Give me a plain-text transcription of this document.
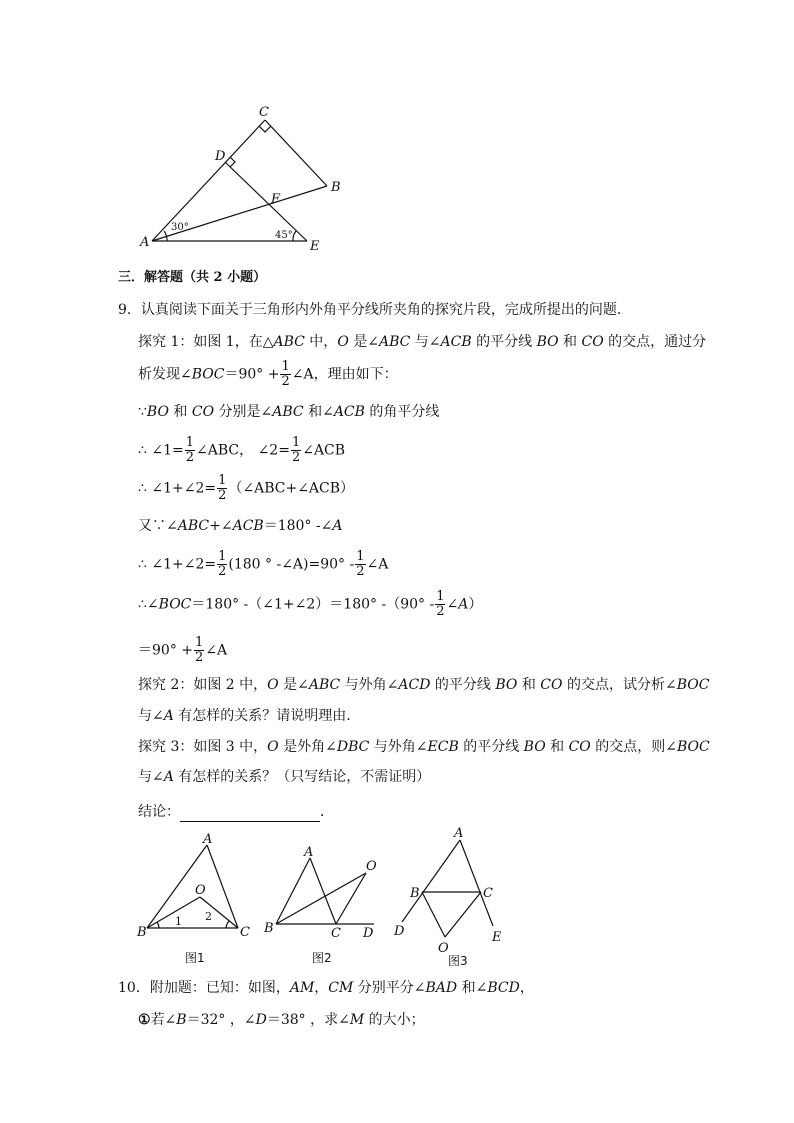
C
D
B
F
A	E
30°
45°
三．解答题（共 2 小题）
9．认真阅读下面关于三角形内外角平分线所夹角的探究片段，完成所提出的问题．
探究 1：如图 1，在△ABC 中，O 是∠ABC 与∠ACB 的平分线 BO 和 CO 的交点，通过分
析发现∠BOC＝90° + $\frac{1}{2}$ ∠A，理由如下：
∵BO 和 CO 分别是∠ABC 和∠ACB 的角平分线
∴ ∠1= $\frac{1}{2}$ ∠ABC， ∠2= $\frac{1}{2}$ ∠ACB
∴ ∠1+∠2= $\frac{1}{2}$ （∠ABC+∠ACB）
又∵∠ABC+∠ACB＝180° -∠A
∴ ∠1+∠2= $\frac{1}{2} (180$ ° -∠A)=90° - $\frac{1}{2}$ ∠A
∴∠BOC＝180° -（∠1+∠2）＝180° $-(90^\circ - \frac{1}{2}$ ∠A）
$=90^\circ + \frac{1}{2}$ ∠A
探究 2：如图 2 中，O 是∠ABC 与外角∠ACD 的平分线 BO 和 CO 的交点，试分析∠BOC
与∠A 有怎样的关系？请说明理由．
探究 3：如图 3 中，O 是外角∠DBC 与外角∠ECB 的平分线 BO 和 CO 的交点，则∠BOC
与∠A 有怎样的关系？（只写结论，不需证明）
结论：	．
A
O
B	C
1 2
图1
A
O
B	C D
图2
A
B	C
D	E
O
图3
10．附加题：已知：如图，AM，CM 分别平分∠BAD 和∠BCD，
①若∠B＝32° ，∠D＝38° ，求∠M 的大小；
